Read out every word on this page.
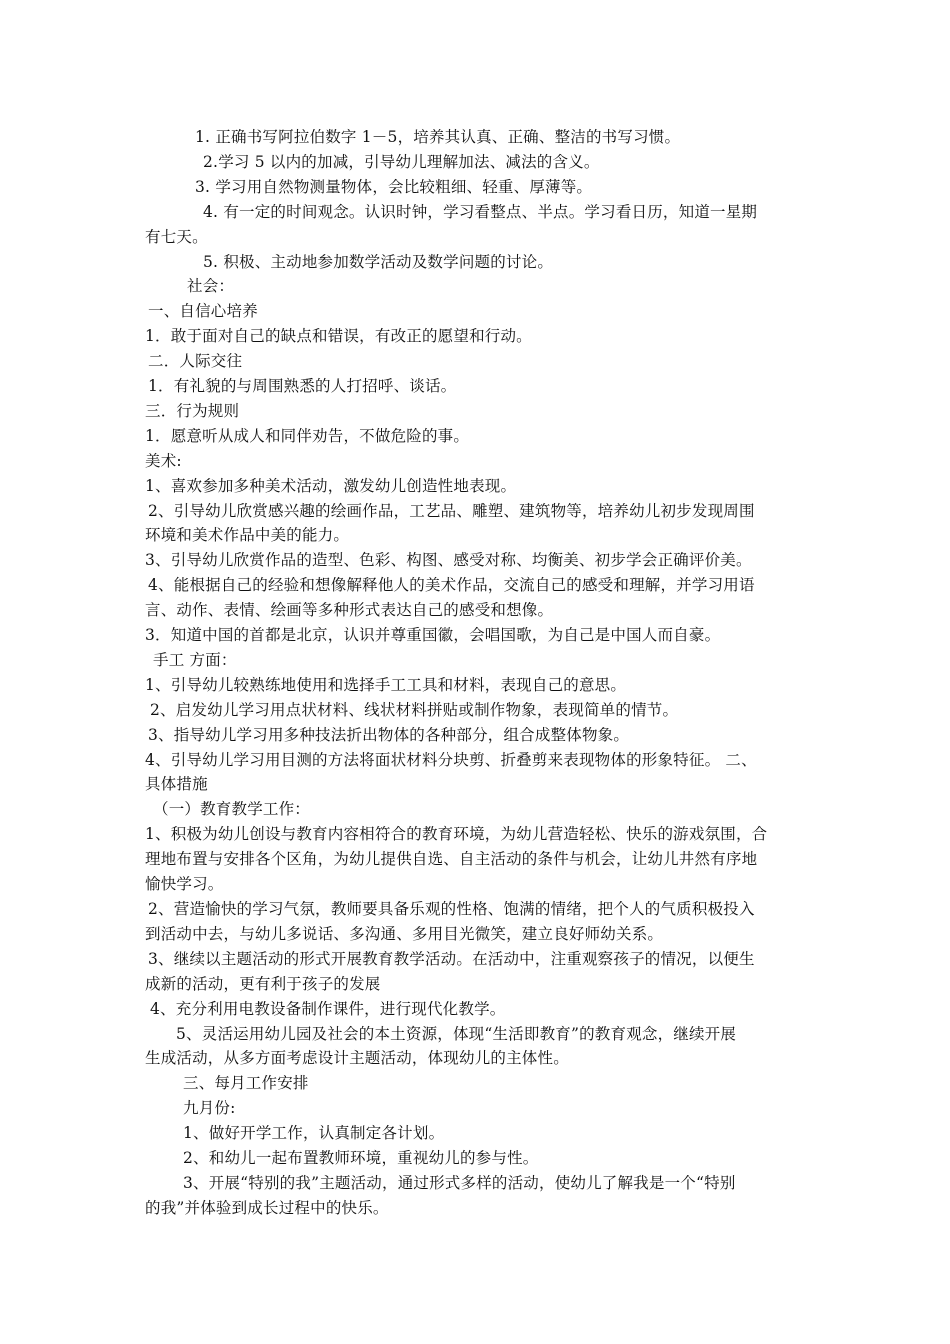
1. 正确书写阿拉伯数字 1－5，培养其认真、正确、整洁的书写习惯。
2.学习 5 以内的加减，引导幼儿理解加法、减法的含义。
3. 学习用自然物测量物体，会比较粗细、轻重、厚薄等。
4. 有一定的时间观念。认识时钟，学习看整点、半点。学习看日历，知道一星期
有七天。
5. 积极、主动地参加数学活动及数学问题的讨论。
社会：
一、自信心培养
1．敢于面对自己的缺点和错误，有改正的愿望和行动。
二．人际交往
1．有礼貌的与周围熟悉的人打招呼、谈话。
三．行为规则
1．愿意听从成人和同伴劝告，不做危险的事。
美术:
1、喜欢参加多种美术活动，激发幼儿创造性地表现。
2、引导幼儿欣赏感兴趣的绘画作品，工艺品、雕塑、建筑物等，培养幼儿初步发现周围
环境和美术作品中美的能力。
3、引导幼儿欣赏作品的造型、色彩、构图、感受对称、均衡美、初步学会正确评价美。
4、能根据自己的经验和想像解释他人的美术作品，交流自己的感受和理解，并学习用语
言、动作、表情、绘画等多种形式表达自己的感受和想像。
3．知道中国的首都是北京，认识并尊重国徽，会唱国歌，为自己是中国人而自豪。
手工 方面：
1、引导幼儿较熟练地使用和选择手工工具和材料，表现自己的意思。
2、启发幼儿学习用点状材料、线状材料拼贴或制作物象，表现简单的情节。
3、指导幼儿学习用多种技法折出物体的各种部分，组合成整体物象。
4、引导幼儿学习用目测的方法将面状材料分块剪、折叠剪来表现物体的形象特征。 二、
具体措施
（一）教育教学工作：
1、积极为幼儿创设与教育内容相符合的教育环境，为幼儿营造轻松、快乐的游戏氛围，合
理地布置与安排各个区角，为幼儿提供自选、自主活动的条件与机会，让幼儿井然有序地
愉快学习。
2、营造愉快的学习气氛，教师要具备乐观的性格、饱满的情绪，把个人的气质积极投入
到活动中去，与幼儿多说话、多沟通、多用目光微笑，建立良好师幼关系。
3、继续以主题活动的形式开展教育教学活动。在活动中，注重观察孩子的情况，以便生
成新的活动，更有利于孩子的发展
4、充分利用电教设备制作课件，进行现代化教学。
5、灵活运用幼儿园及社会的本土资源，体现“生活即教育”的教育观念，继续开展
生成活动，从多方面考虑设计主题活动，体现幼儿的主体性。
三、每月工作安排
九月份:
1、做好开学工作，认真制定各计划。
2、和幼儿一起布置教师环境，重视幼儿的参与性。
3、开展“特别的我”主题活动，通过形式多样的活动，使幼儿了解我是一个“特别
的我”并体验到成长过程中的快乐。
